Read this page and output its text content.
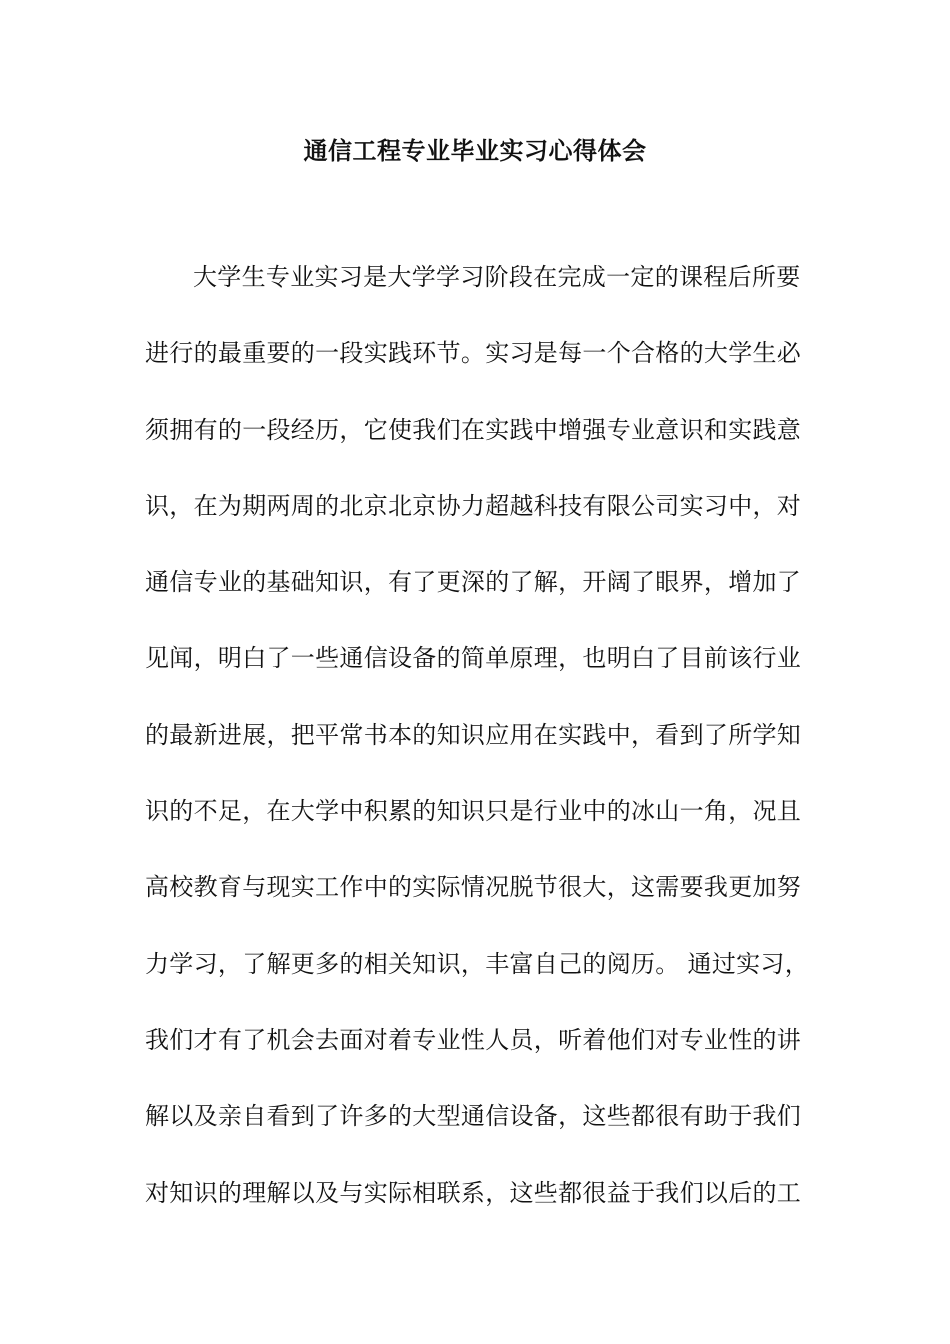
通信工程专业毕业实习心得体会
大学生专业实习是大学学习阶段在完成一定的课程后所要
进行的最重要的一段实践环节。实习是每一个合格的大学生必
须拥有的一段经历，它使我们在实践中增强专业意识和实践意
识，在为期两周的北京北京协力超越科技有限公司实习中，对
通信专业的基础知识，有了更深的了解，开阔了眼界，增加了
见闻，明白了一些通信设备的简单原理，也明白了目前该行业
的最新进展，把平常书本的知识应用在实践中，看到了所学知
识的不足，在大学中积累的知识只是行业中的冰山一角，况且
高校教育与现实工作中的实际情况脱节很大，这需要我更加努
力学习，了解更多的相关知识，丰富自己的阅历。 通过实习，
我们才有了机会去面对着专业性人员，听着他们对专业性的讲
解以及亲自看到了许多的大型通信设备，这些都很有助于我们
对知识的理解以及与实际相联系，这些都很益于我们以后的工
